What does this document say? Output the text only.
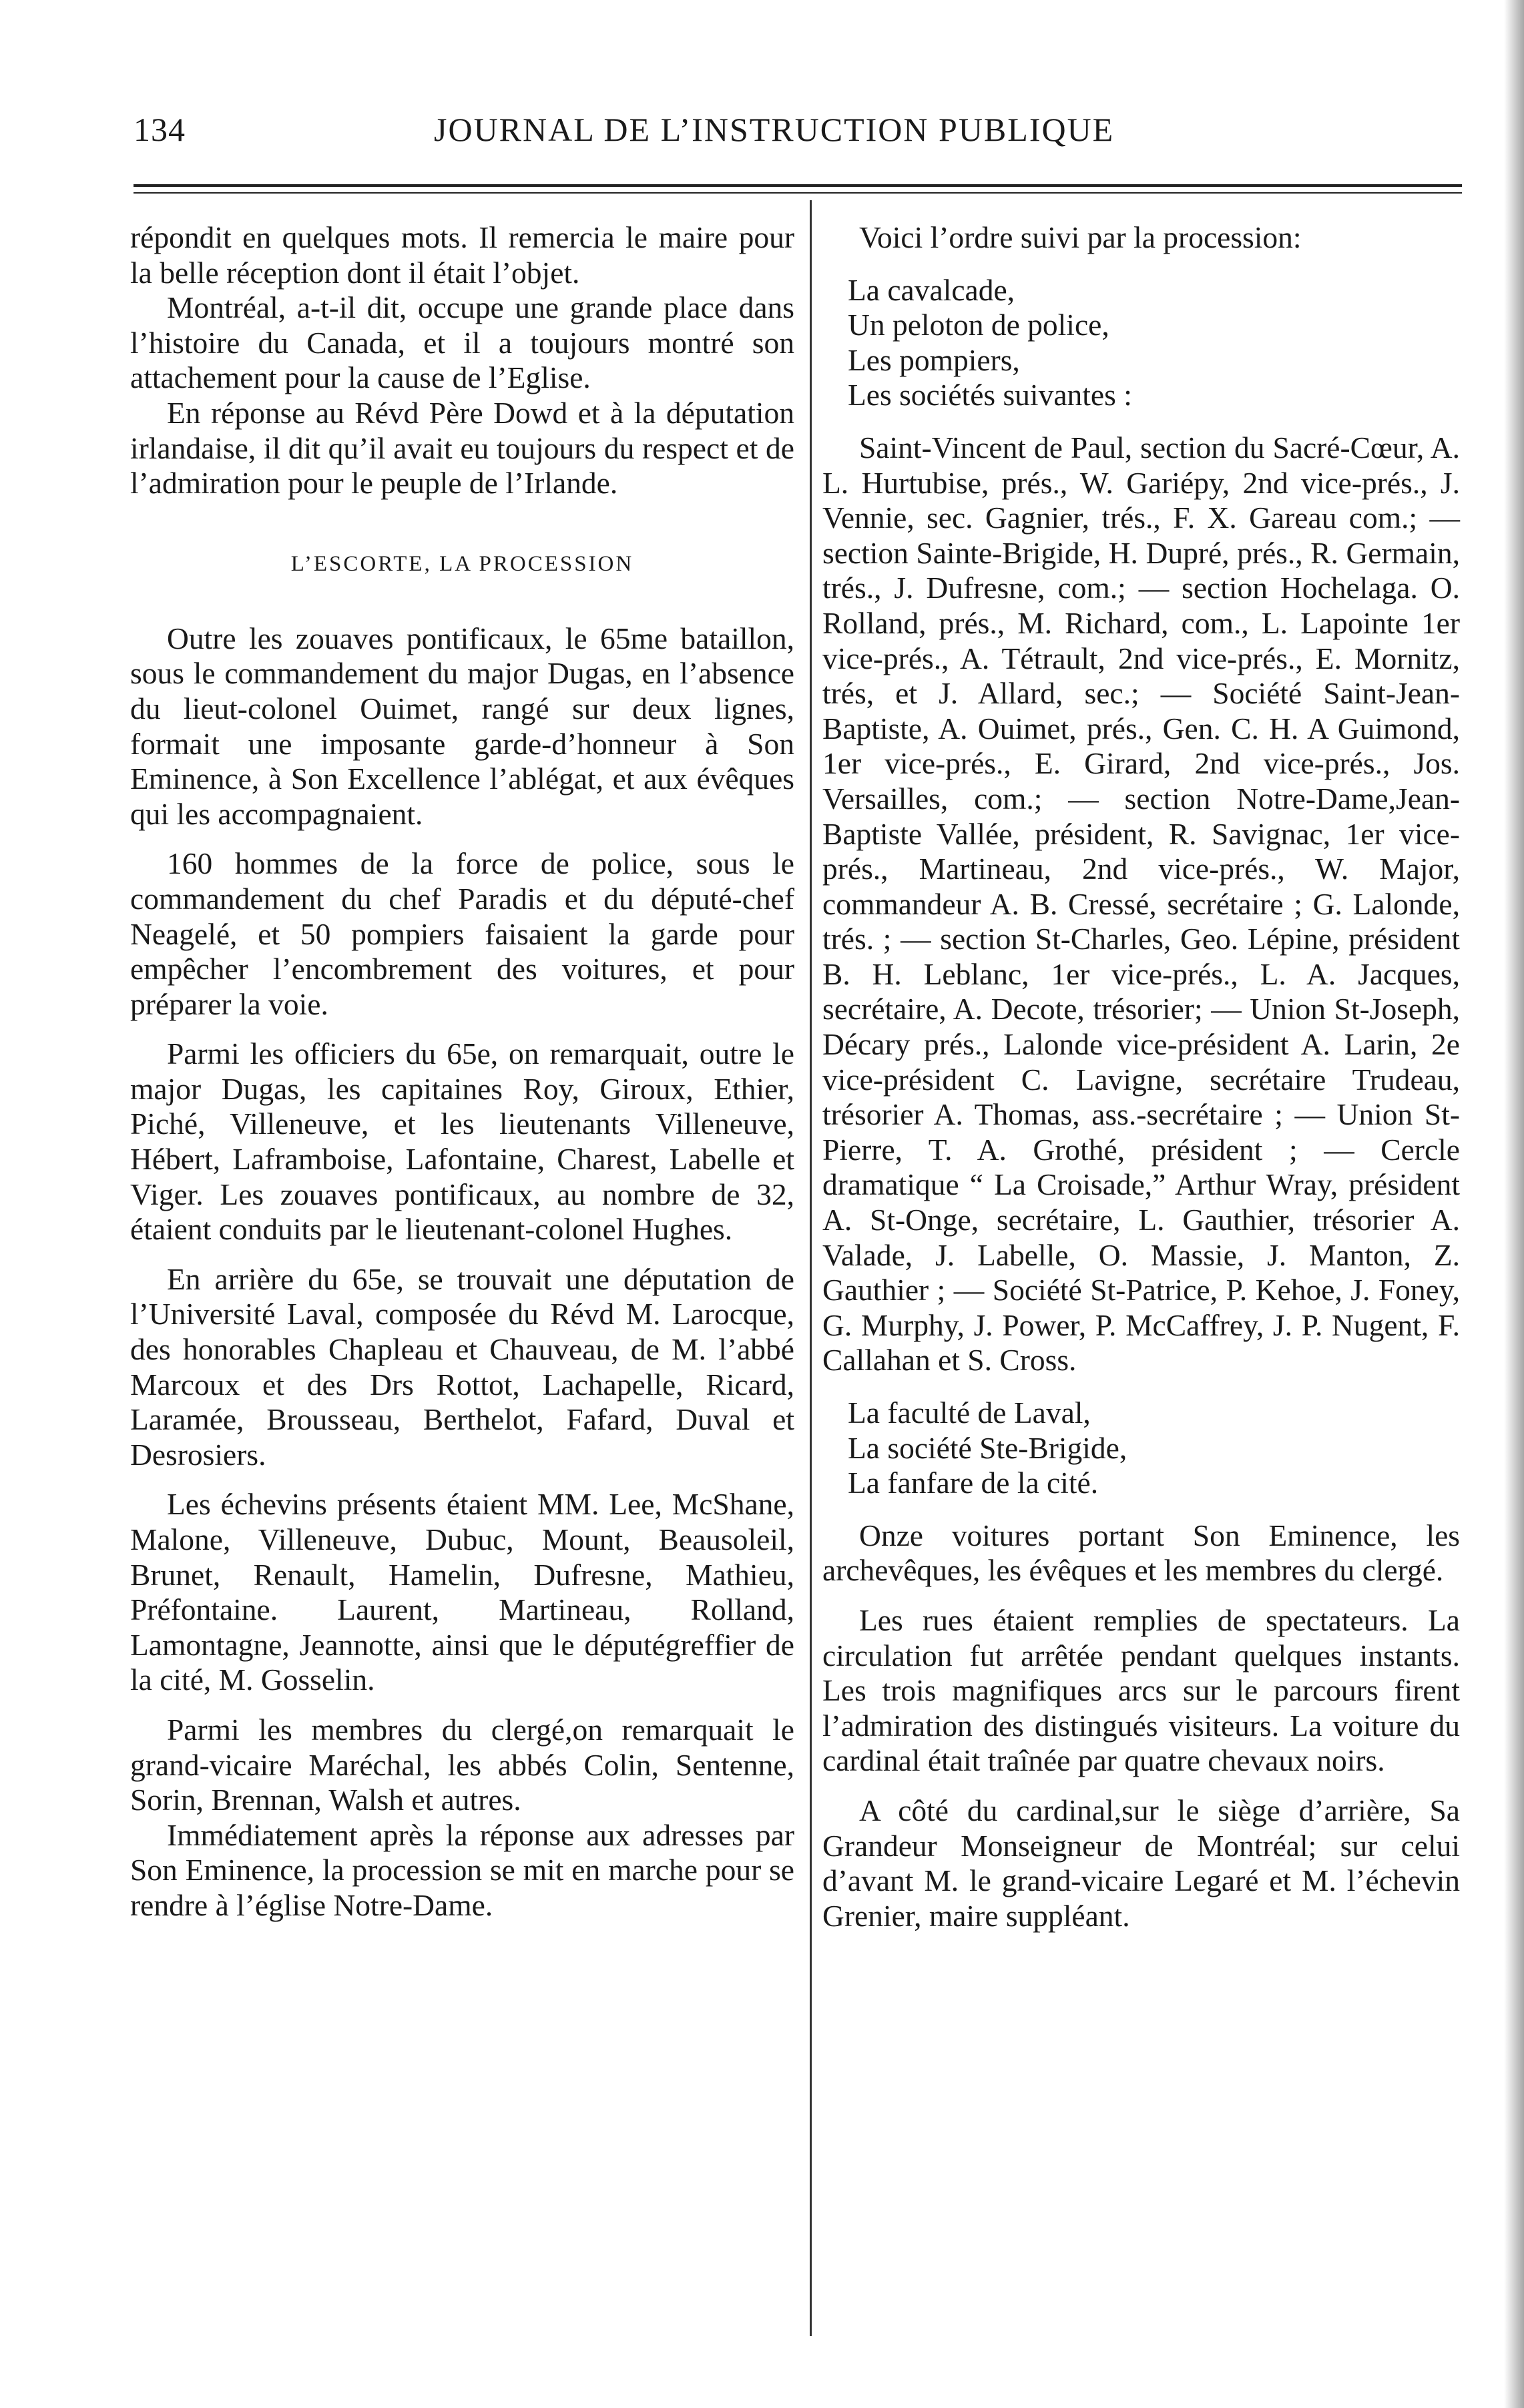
134	JOURNAL DE L’INSTRUCTION PUBLIQUE

répondit en quelques mots. Il remercia le maire pour la belle réception dont il était l’objet.

Montréal, a-t-il dit, occupe une grande place dans l’histoire du Canada, et il a toujours montré son attachement pour la cause de l’Eglise.

En réponse au Révd Père Dowd et à la députation irlandaise, il dit qu’il avait eu toujours du respect et de l’admiration pour le peuple de l’Irlande.

L’ESCORTE, LA PROCESSION

Outre les zouaves pontificaux, le 65me bataillon, sous le commandement du major Dugas, en l’absence du lieut-colonel Ouimet, rangé sur deux lignes, formait une imposante garde-d’honneur à Son Eminence, à Son Excellence l’ablégat, et aux évêques qui les accompagnaient.

160 hommes de la force de police, sous le commandement du chef Paradis et du député-chef Neagelé, et 50 pompiers faisaient la garde pour empêcher l’encombrement des voitures, et pour préparer la voie.

Parmi les officiers du 65e, on remarquait, outre le major Dugas, les capitaines Roy, Giroux, Ethier, Piché, Villeneuve, et les lieutenants Villeneuve, Hébert, Laframboise, Lafontaine, Charest, Labelle et Viger. Les zouaves pontificaux, au nombre de 32, étaient conduits par le lieutenant-colonel Hughes.

En arrière du 65e, se trouvait une députation de l’Université Laval, composée du Révd M. Larocque, des honorables Chapleau et Chauveau, de M. l’abbé Marcoux et des Drs Rottot, Lachapelle, Ricard, Laramée, Brousseau, Berthelot, Fafard, Duval et Desrosiers.

Les échevins présents étaient MM. Lee, McShane, Malone, Villeneuve, Dubuc, Mount, Beausoleil, Brunet, Renault, Hamelin, Dufresne, Mathieu, Préfontaine. Laurent, Martineau, Rolland, Lamontagne, Jeannotte, ainsi que le députégreffier de la cité, M. Gosselin.

Parmi les membres du clergé,on remarquait le grand-vicaire Maréchal, les abbés Colin, Sentenne, Sorin, Brennan, Walsh et autres.

Immédiatement après la réponse aux adresses par Son Eminence, la procession se mit en marche pour se rendre à l’église Notre-Dame.

Voici l’ordre suivi par la procession:

La cavalcade,
Un peloton de police,
Les pompiers,
Les sociétés suivantes :

Saint-Vincent de Paul, section du Sacré-Cœur, A. L. Hurtubise, prés., W. Gariépy, 2nd vice-prés., J. Vennie, sec. Gagnier, trés., F. X. Gareau com.; — section Sainte-Brigide, H. Dupré, prés., R. Germain, trés., J. Dufresne, com.; — section Hochelaga. O. Rolland, prés., M. Richard, com., L. Lapointe 1er vice-prés., A. Tétrault, 2nd vice-prés., E. Mornitz, trés, et J. Allard, sec.; — Société Saint-Jean-Baptiste, A. Ouimet, prés., Gen. C. H. A Guimond, 1er vice-prés., E. Girard, 2nd vice-prés., Jos. Versailles, com.; — section Notre-Dame,Jean-Baptiste Vallée, président, R. Savignac, 1er vice-prés., Martineau, 2nd vice-prés., W. Major, commandeur A. B. Cressé, secrétaire ; G. Lalonde, trés. ; — section St-Charles, Geo. Lépine, président B. H. Leblanc, 1er vice-prés., L. A. Jacques, secrétaire, A. Decote, trésorier; — Union St-Joseph, Décary prés., Lalonde vice-président A. Larin, 2e vice-président C. Lavigne, secrétaire Trudeau, trésorier A. Thomas, ass.-secrétaire ; — Union St-Pierre, T. A. Grothé, président ; — Cercle dramatique “ La Croisade,” Arthur Wray, président A. St-Onge, secrétaire, L. Gauthier, trésorier A. Valade, J. Labelle, O. Massie, J. Manton, Z. Gauthier ; — Société St-Patrice, P. Kehoe, J. Foney, G. Murphy, J. Power, P. McCaffrey, J. P. Nugent, F. Callahan et S. Cross.

La faculté de Laval,
La société Ste-Brigide,
La fanfare de la cité.

Onze voitures portant Son Eminence, les archevêques, les évêques et les membres du clergé.

Les rues étaient remplies de spectateurs. La circulation fut arrêtée pendant quelques instants. Les trois magnifiques arcs sur le parcours firent l’admiration des distingués visiteurs. La voiture du cardinal était traînée par quatre chevaux noirs.

A côté du cardinal,sur le siège d’arrière, Sa Grandeur Monseigneur de Montréal; sur celui d’avant M. le grand-vicaire Legaré et M. l’échevin Grenier, maire suppléant.
